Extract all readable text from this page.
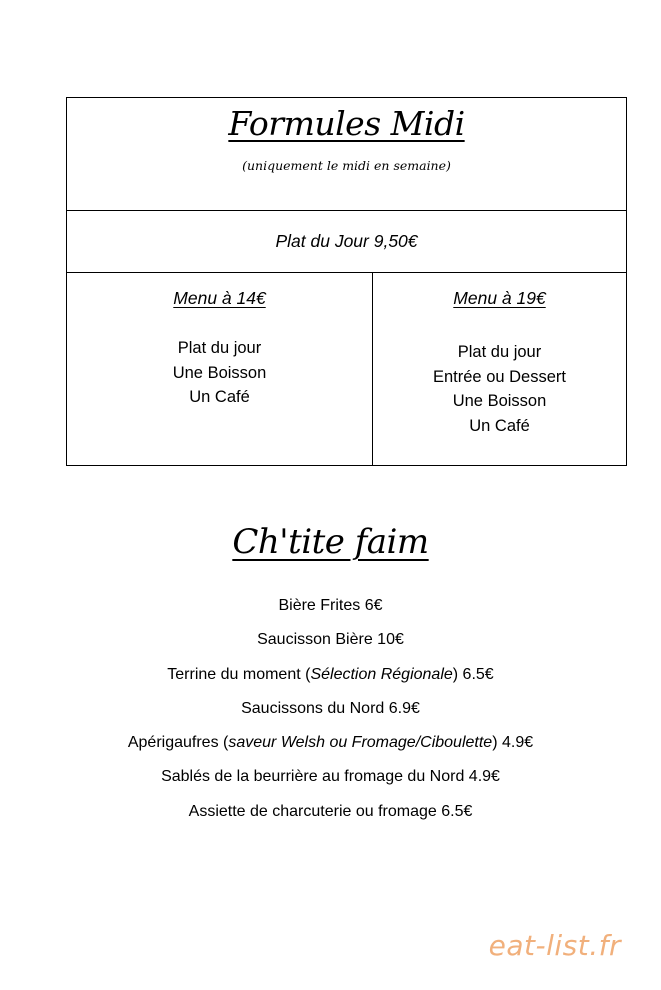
Formules Midi
(uniquement le midi en semaine)
Plat du Jour 9,50€
Menu à 14€
Plat du jour
Une Boisson
Un Café
Menu à 19€
Plat du jour
Entrée ou Dessert
Une Boisson
Un Café
Ch'tite faim
Bière Frites 6€
Saucisson Bière 10€
Terrine du moment (Sélection Régionale) 6.5€
Saucissons du Nord 6.9€
Apérigaufres (saveur Welsh ou Fromage/Ciboulette) 4.9€
Sablés de la beurrière au fromage du Nord 4.9€
Assiette de charcuterie ou fromage 6.5€
eat-list.fr
